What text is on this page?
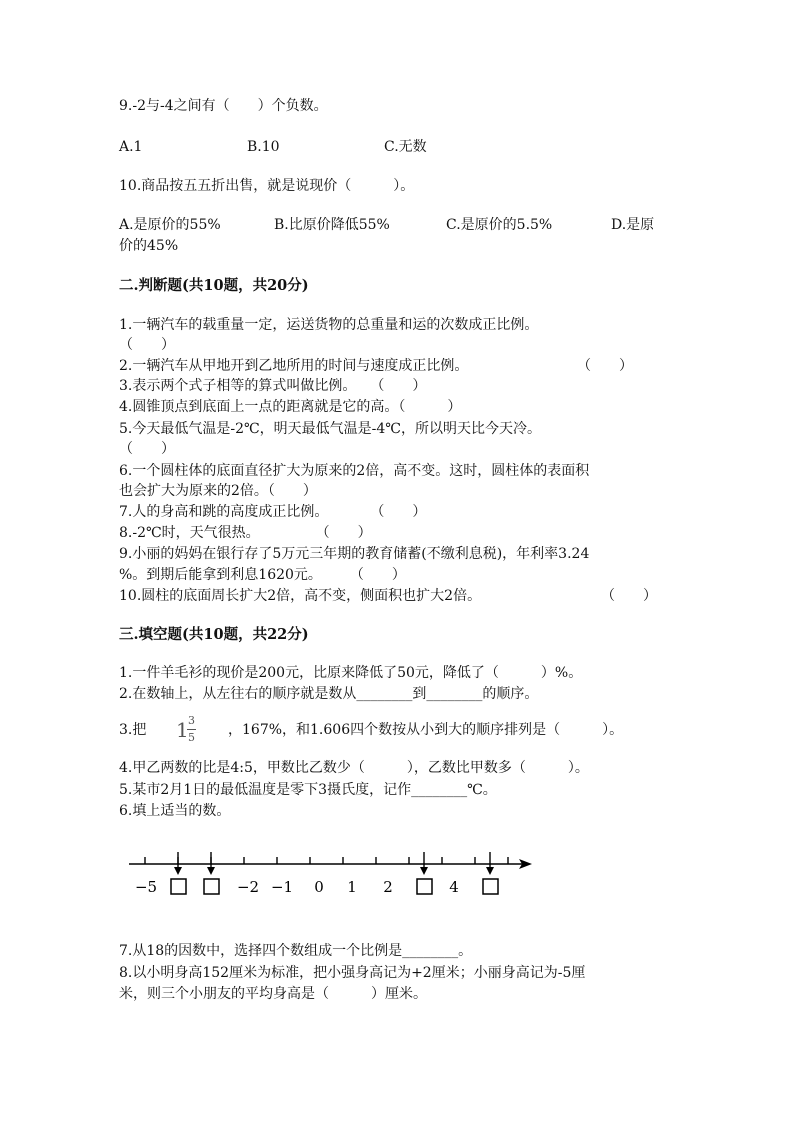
9.-2与-4之间有（　　）个负数。
A.1	B.10	C.无数
10.商品按五五折出售，就是说现价（　　　）。
A.是原价的55%	B.比原价降低55%	C.是原价的5.5%	D.是原
价的45%
二.判断题(共10题，共20分)
1.一辆汽车的载重量一定，运送货物的总重量和运的次数成正比例。
（　　）
2.一辆汽车从甲地开到乙地所用的时间与速度成正比例。	（　　）
3.表示两个式子相等的算式叫做比例。　　（　　）
4.圆锥顶点到底面上一点的距离就是它的高。（　　　）
5.今天最低气温是-2℃，明天最低气温是-4℃，所以明天比今天冷。
（　　）
6.一个圆柱体的底面直径扩大为原来的2倍，高不变。这时，圆柱体的表面积
也会扩大为原来的2倍。（　　）
7.人的身高和跳的高度成正比例。　　　　（　　）
8.-2℃时，天气很热。　　　　　（　　）
9.小丽的妈妈在银行存了5万元三年期的教育储蓄(不缴利息税)，年利率3.24
%。到期后能拿到利息1620元。　　　（　　）
10.圆柱的底面周长扩大2倍，高不变，侧面积也扩大2倍。	（　　）
三.填空题(共10题，共22分)
1.一件羊毛衫的现价是200元，比原来降低了50元，降低了（　　　）%。
2.在数轴上，从左往右的顺序就是数从________到________的顺序。
3.把 1 3
5 ，167%，和1.606四个数按从小到大的顺序排列是（　　　）。
4.甲乙两数的比是4:5，甲数比乙数少（　　　），乙数比甲数多（　　　）。
5.某市2月1日的最低温度是零下3摄氏度，记作________℃。
6.填上适当的数。
−5	−2 −1 0 1 2	4
7.从18的因数中，选择四个数组成一个比例是________。
8.以小明身高152厘米为标准，把小强身高记为+2厘米；小丽身高记为-5厘
米，则三个小朋友的平均身高是（　　　）厘米。
